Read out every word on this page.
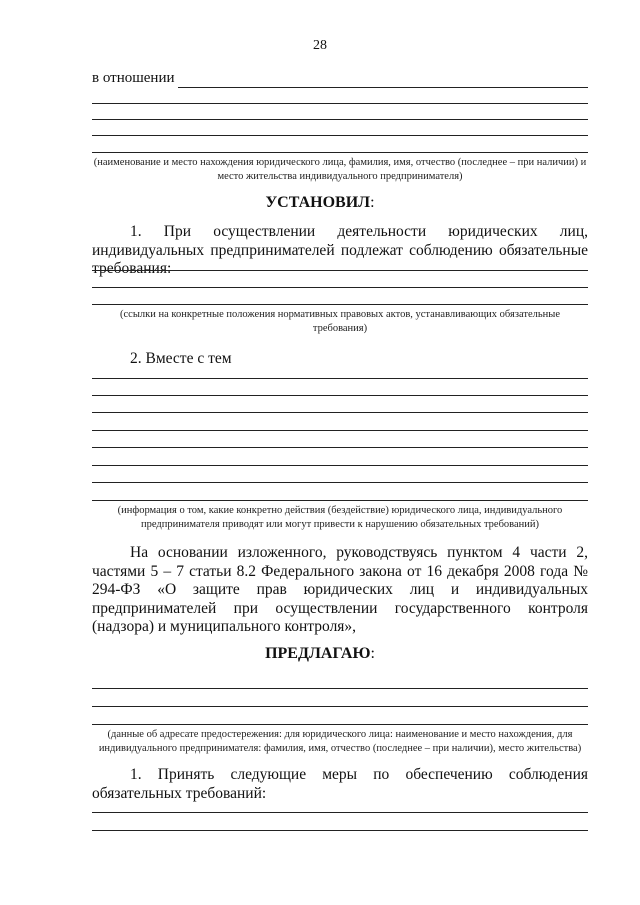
28
в отношении
(наименование и место нахождения юридического лица, фамилия, имя, отчество (последнее – при наличии) и место жительства индивидуального предпринимателя)
УСТАНОВИЛ:
1. При осуществлении деятельности юридических лиц, индивидуальных предпринимателей подлежат соблюдению обязательные требования:
(ссылки на конкретные положения нормативных правовых актов, устанавливающих обязательные требования)
2. Вместе с тем
(информация о том, какие конкретно действия (бездействие) юридического лица, индивидуального предпринимателя приводят или могут привести к нарушению обязательных требований)
На основании изложенного, руководствуясь пунктом 4 части 2, частями 5 – 7 статьи 8.2 Федерального закона от 16 декабря 2008 года № 294-ФЗ «О защите прав юридических лиц и индивидуальных предпринимателей при осуществлении государственного контроля (надзора) и муниципального контроля»,
ПРЕДЛАГАЮ:
(данные об адресате предостережения: для юридического лица: наименование и место нахождения, для индивидуального предпринимателя: фамилия, имя, отчество (последнее – при наличии), место жительства)
1. Принять следующие меры по обеспечению соблюдения обязательных требований:
